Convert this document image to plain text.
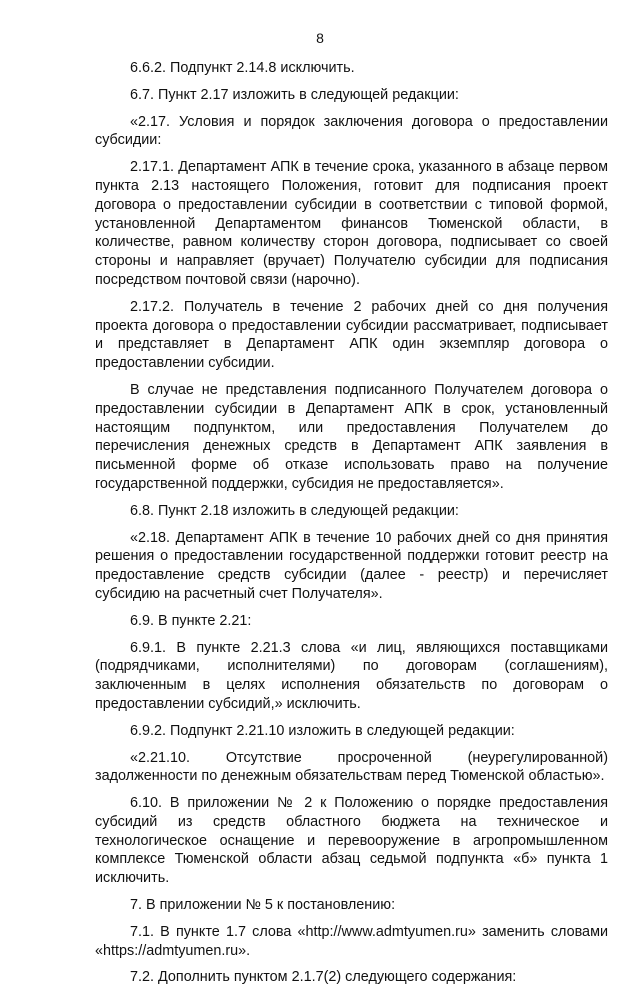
8

6.6.2. Подпункт 2.14.8 исключить.

6.7. Пункт 2.17 изложить в следующей редакции:

«2.17. Условия и порядок заключения договора о предоставлении субсидии:

2.17.1. Департамент АПК в течение срока, указанного в абзаце первом пункта 2.13 настоящего Положения, готовит для подписания проект договора о предоставлении субсидии в соответствии с типовой формой, установленной Департаментом финансов Тюменской области, в количестве, равном количеству сторон договора, подписывает со своей стороны и направляет (вручает) Получателю субсидии для подписания посредством почтовой связи (нарочно).

2.17.2. Получатель в течение 2 рабочих дней со дня получения проекта договора о предоставлении субсидии рассматривает, подписывает и представляет в Департамент АПК один экземпляр договора о предоставлении субсидии.

В случае не представления подписанного Получателем договора о предоставлении субсидии в Департамент АПК в срок, установленный настоящим подпунктом, или предоставления Получателем до перечисления денежных средств в Департамент АПК заявления в письменной форме об отказе использовать право на получение государственной поддержки, субсидия не предоставляется».

6.8. Пункт 2.18 изложить в следующей редакции:

«2.18. Департамент АПК в течение 10 рабочих дней со дня принятия решения о предоставлении государственной поддержки готовит реестр на предоставление средств субсидии (далее - реестр) и перечисляет субсидию на расчетный счет Получателя».

6.9. В пункте 2.21:

6.9.1. В пункте 2.21.3 слова «и лиц, являющихся поставщиками (подрядчиками, исполнителями) по договорам (соглашениям), заключенным в целях исполнения обязательств по договорам о предоставлении субсидий,» исключить.

6.9.2. Подпункт 2.21.10 изложить в следующей редакции:

«2.21.10. Отсутствие просроченной (неурегулированной) задолженности по денежным обязательствам перед Тюменской областью».

6.10. В приложении № 2 к Положению о порядке предоставления субсидий из средств областного бюджета на техническое и технологическое оснащение и перевооружение в агропромышленном комплексе Тюменской области абзац седьмой подпункта «б» пункта 1 исключить.

7. В приложении № 5 к постановлению:

7.1. В пункте 1.7 слова «http://www.admtyumen.ru» заменить словами «https://admtyumen.ru».

7.2. Дополнить пунктом 2.1.7(2) следующего содержания:
